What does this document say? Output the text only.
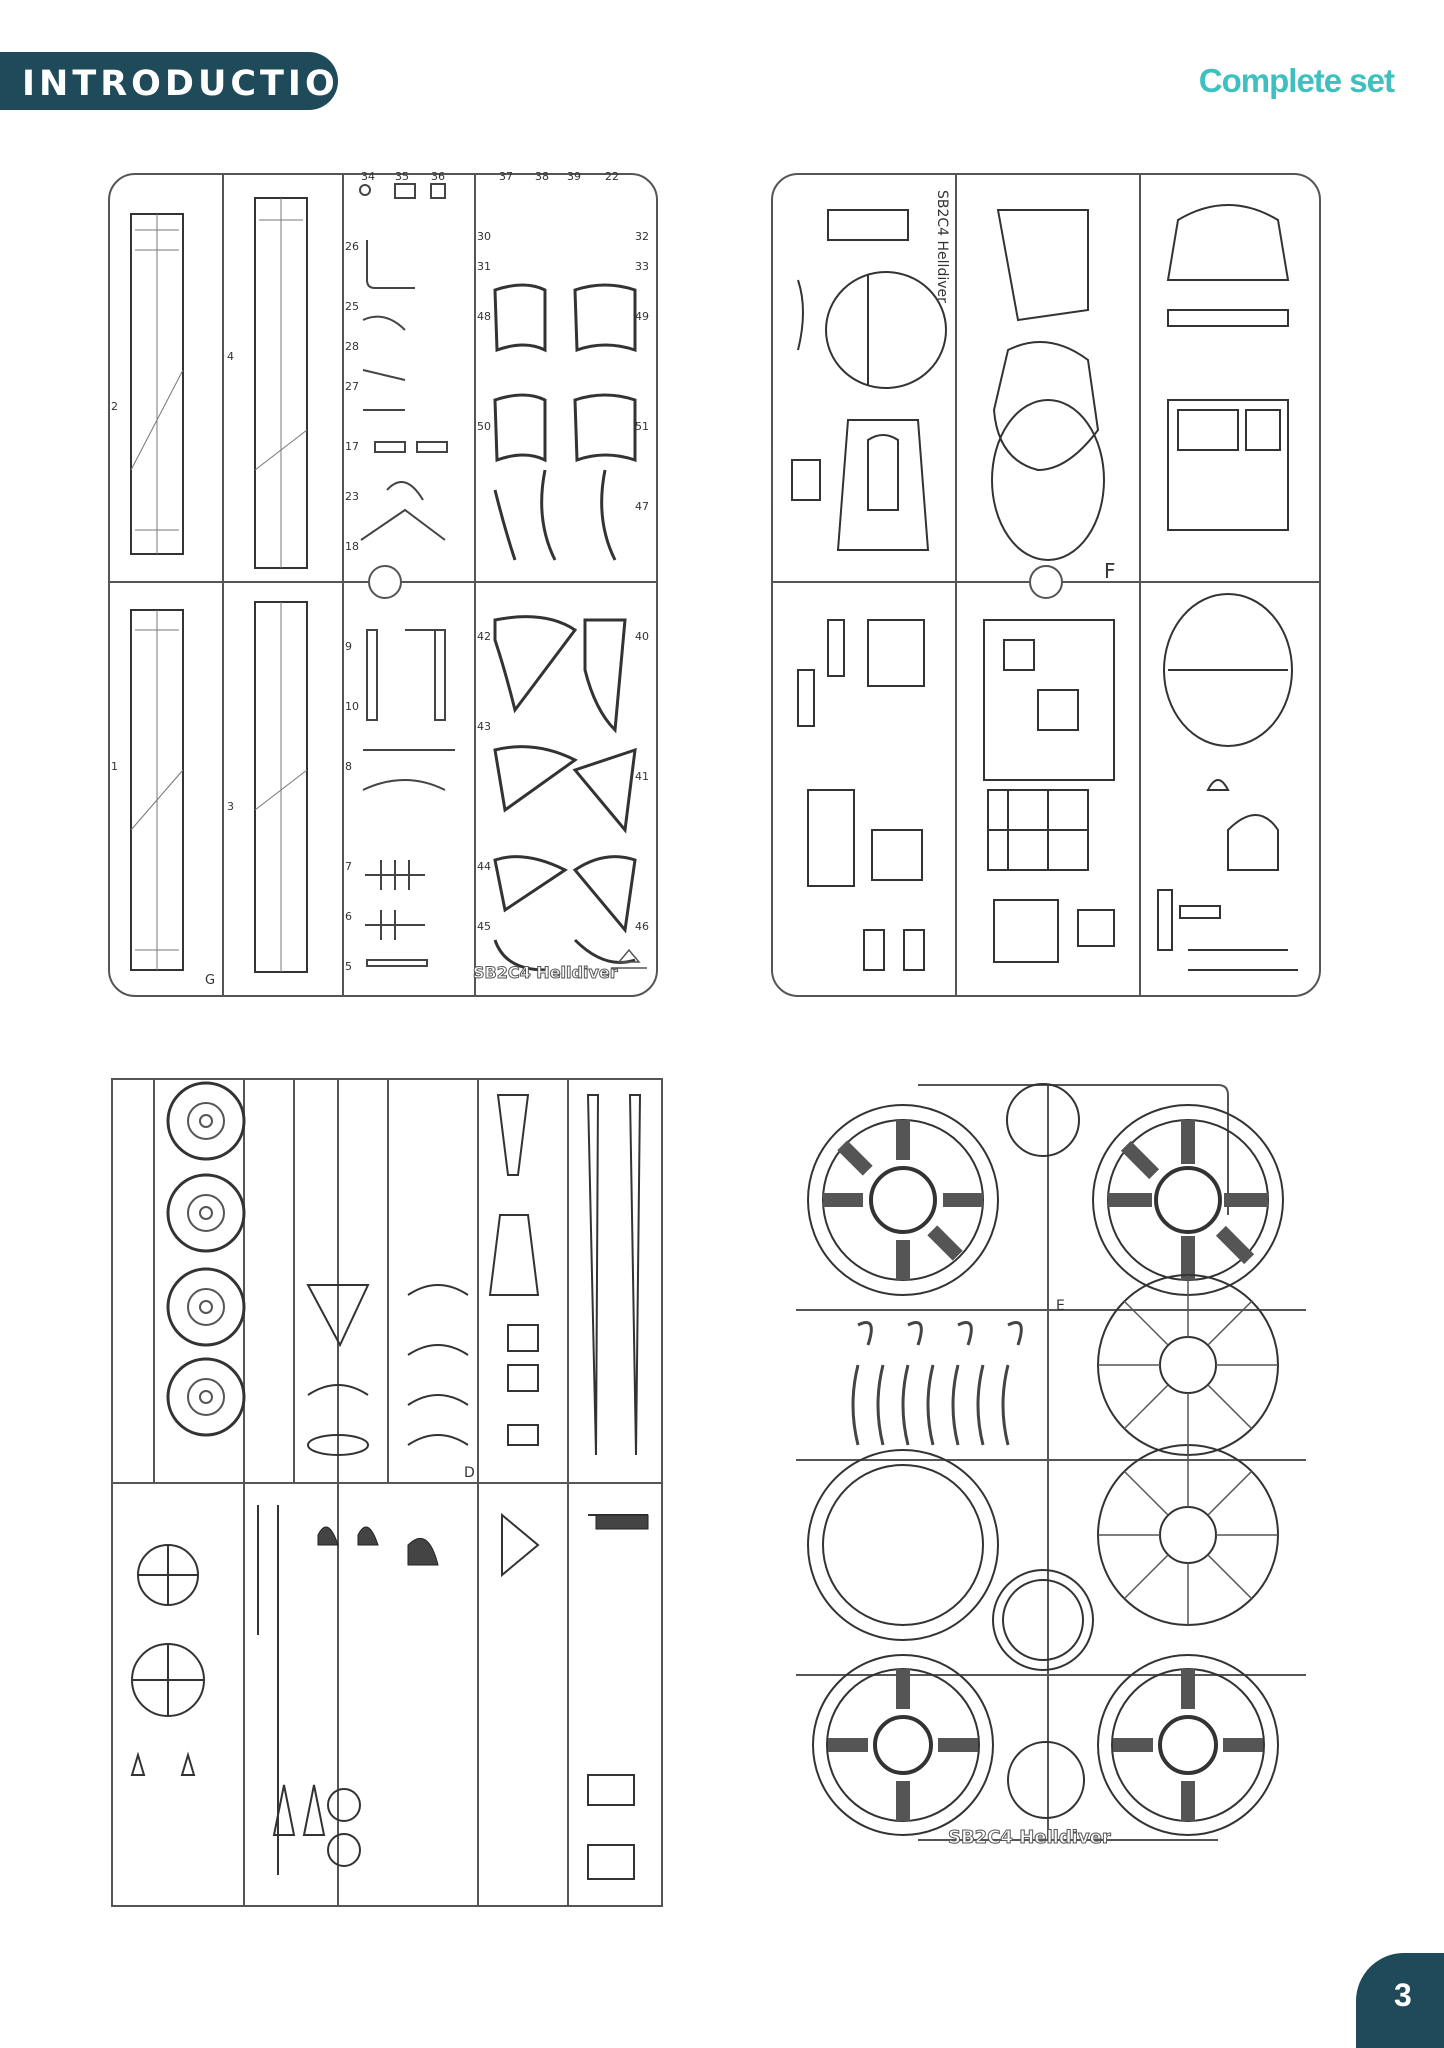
INTRODUCTION	Complete set
2
4
1
3
26
25
28
27
17
23
18
9
8
7
6
5
10
34 35 36	37 38 39 22
30
31
32
33
48	49
50	51
47
40
41
42
43
44
45	46
G	SB2C4 Helldiver
F
SB2C4 Helldiver
D
E
SB2C4 Helldiver
3
